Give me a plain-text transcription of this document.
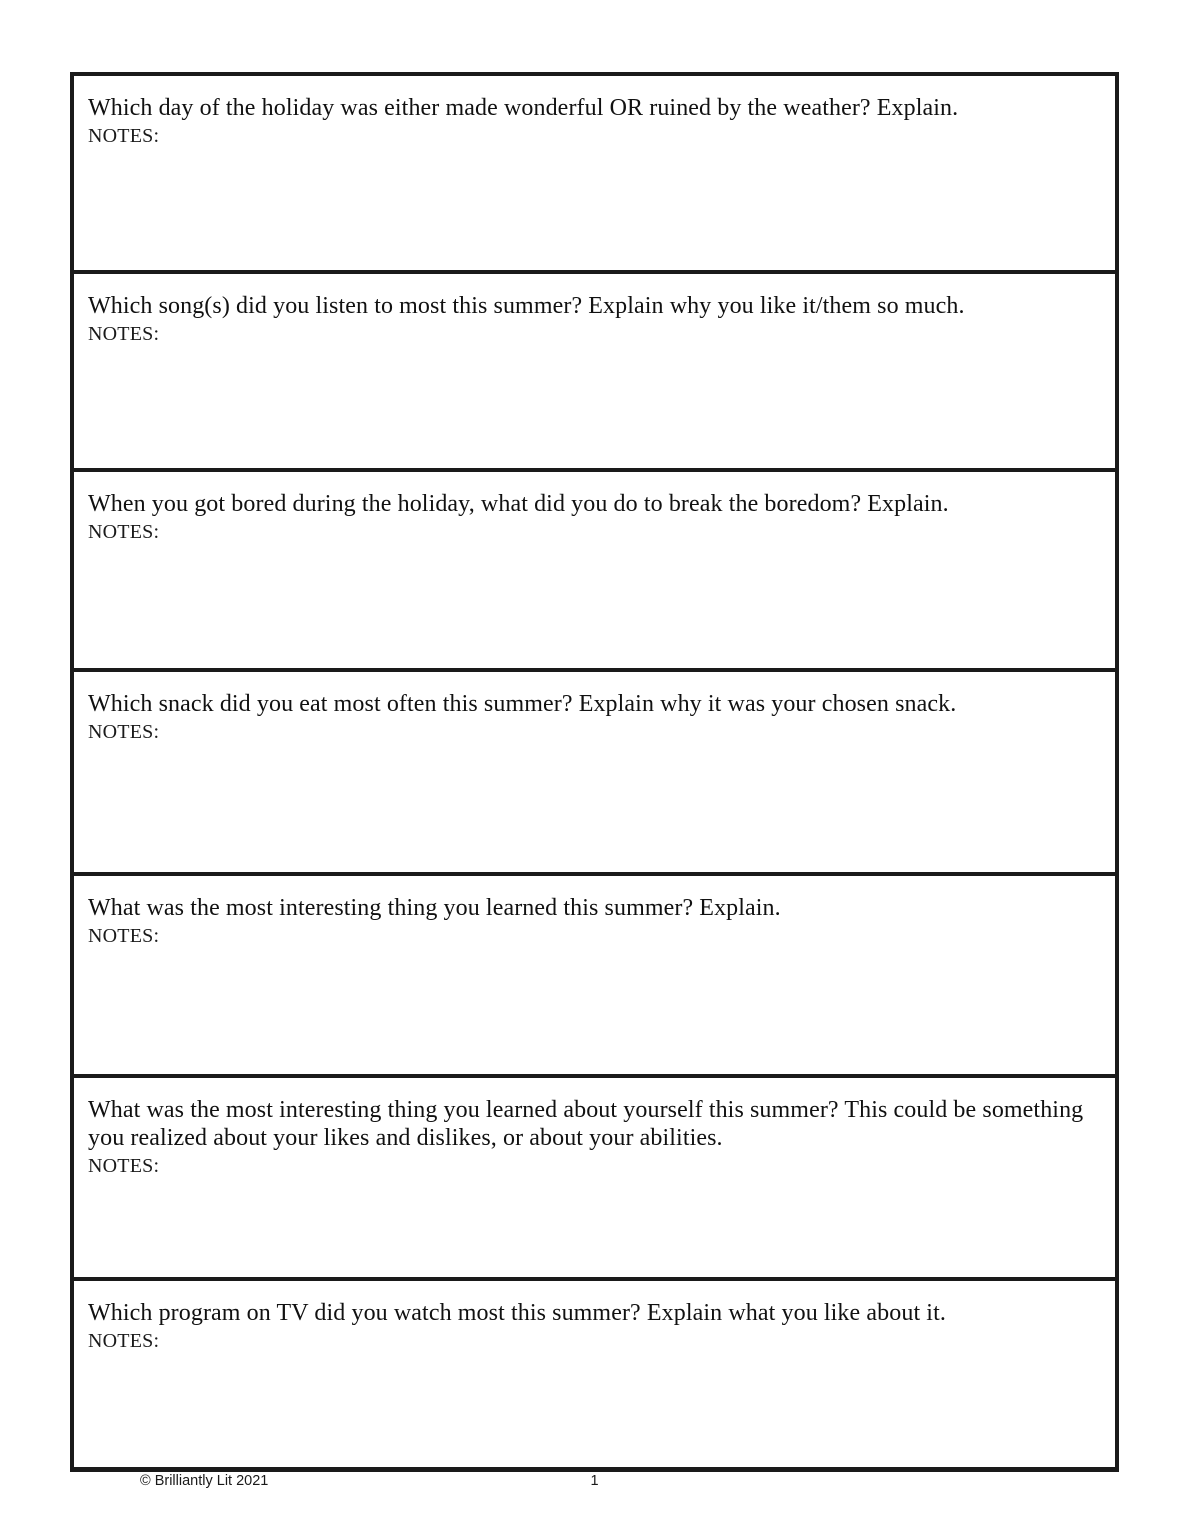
Which day of the holiday was either made wonderful OR ruined by the weather? Explain.

NOTES:

Which song(s) did you listen to most this summer? Explain why you like it/them so much.

NOTES:

When you got bored during the holiday, what did you do to break the boredom? Explain.

NOTES:

Which snack did you eat most often this summer? Explain why it was your chosen snack.

NOTES:

What was the most interesting thing you learned this summer? Explain.

NOTES:

What was the most interesting thing you learned about yourself this summer? This could be something you realized about your likes and dislikes, or about your abilities.

NOTES:

Which program on TV did you watch most this summer? Explain what you like about it.

NOTES:

© Brilliantly Lit 2021	1
